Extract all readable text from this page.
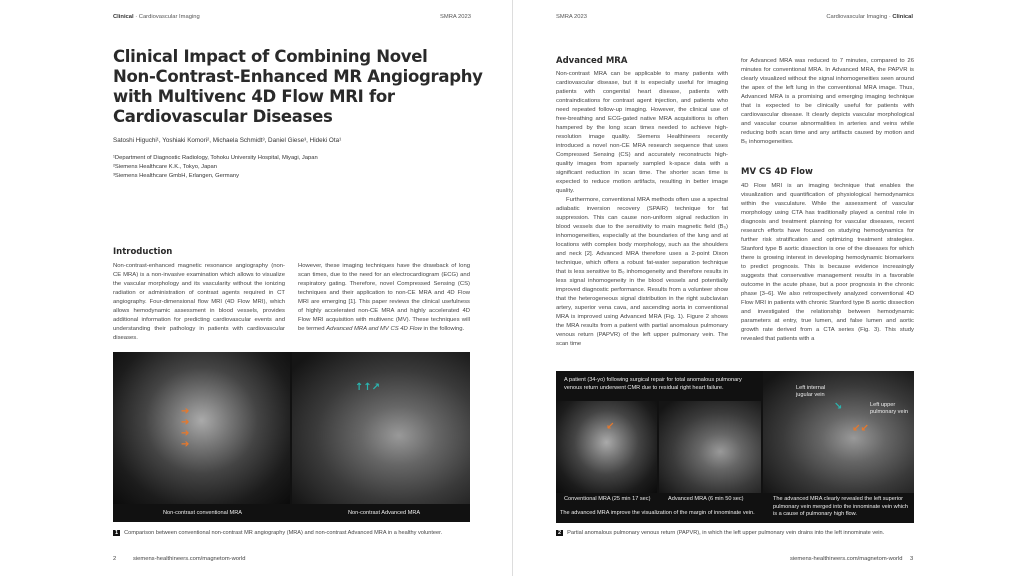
Clinical · Cardiovascular Imaging	SMRA 2023
Clinical Impact of Combining Novel
Non-Contrast-Enhanced MR Angiography
with Multivenc 4D Flow MRI for
Cardiovascular Diseases
Satoshi Higuchi¹, Yoshiaki Komori², Michaela Schmidt³, Daniel Giese³, Hideki Ota¹
¹Department of Diagnostic Radiology, Tohoku University Hospital, Miyagi, Japan
²Siemens Healthcare K.K., Tokyo, Japan
³Siemens Healthcare GmbH, Erlangen, Germany
Introduction

Non-contrast-enhanced magnetic resonance angiography (non-CE MRA) is a non-invasive examination which allows to visualize the vascular morphology and its vascularity without the ionizing radiation or administration of contrast agents required in CT angiography. Four-dimensional flow MRI (4D Flow MRI), which allows hemodynamic assessment in blood vessels, provides additional information for predicting cardiovascular events and understanding their pathology in patients with cardiovascular diseases.

However, these imaging techniques have the drawback of long scan times, due to the need for an electrocardiogram (ECG) and respiratory gating. Therefore, novel Compressed Sensing (CS) techniques and their application to non-CE MRA and 4D Flow MRI are emerging [1]. This paper reviews the clinical usefulness of highly accelerated non-CE MRA and highly accelerated 4D Flow MRI acquisition with multivenc (MV). These techniques will be termed Advanced MRA and MV CS 4D Flow in the following.

➔
➔
➔
➔
↑↑↗
Non-contrast conventional MRA	Non-contrast Advanced MRA
1 Comparison between conventional non-contrast MR angiography (MRA) and non-contrast Advanced MRA in a healthy volunteer.
2	siemens-healthineers.com/magnetom-world
SMRA 2023	Cardiovascular Imaging · Clinical
Advanced MRA

Non-contrast MRA can be applicable to many patients with cardiovascular disease, but it is especially useful for imaging patients with congenital heart disease, patients with contraindications for contrast agent injection, and patients who need repeated follow-up imaging. However, the clinical use of free-breathing and ECG-gated native MRA acquisitions is often hampered by the long scan times needed to achieve high-resolution image quality. Siemens Healthineers recently introduced a novel non-CE MRA research sequence that uses Compressed Sensing (CS) and accurately reconstructs high-quality images from sparsely sampled k-space data with a significant reduction in scan time. The shorter scan time is expected to reduce motion artifacts, resulting in better image quality.

Furthermore, conventional MRA methods often use a spectral adiabatic inversion recovery (SPAIR) technique for fat suppression. This can cause non-uniform signal reduction in blood vessels due to the sensitivity to main magnetic field (B₀) inhomogeneities, especially at the boundaries of the lung and at locations with complex body morphology, such as the shoulders and neck [2]. Advanced MRA therefore uses a 2-point Dixon technique, which offers a robust fat-water separation technique that is less sensitive to B₀ inhomogeneity and therefore results in less signal inhomogeneity in the blood vessels and potentially improved diagnostic performance. Results from a volunteer show that the heterogeneous signal distribution in the right subclavian artery, superior vena cava, and ascending aorta in conventional MRA is improved using Advanced MRA (Fig. 1). Figure 2 shows the MRA results from a patient with partial anomalous pulmonary venous return (PAPVR) of the left upper pulmonary vein. The scan time

for Advanced MRA was reduced to 7 minutes, compared to 26 minutes for conventional MRA. In Advanced MRA, the PAPVR is clearly visualized without the signal inhomogeneities seen around the apex of the left lung in the conventional MRA image. Thus, Advanced MRA is a promising and emerging imaging technique that is expected to be clinically useful for patients with cardiovascular disease. It clearly depicts vascular morphological and vascular course abnormalities in arteries and veins while reducing both scan time and any artifacts caused by motion and B₀ inhomogeneities.

MV CS 4D Flow

4D Flow MRI is an imaging technique that enables the visualization and quantification of physiological hemodynamics within the vasculature. While the assessment of vascular morphology using CTA has traditionally played a central role in diagnosis and treatment planning for vascular diseases, recent research efforts have focused on studying hemodynamics for further risk stratification and optimizing treatment strategies. Stanford type B aortic dissection is one of the diseases for which there is growing interest in developing hemodynamic biomarkers to predict prognosis. This is because evidence increasingly suggests that conservative management results in a favorable outcome in the acute phase, but a poor prognosis in the chronic phase [3–6]. We also retrospectively analyzed conventional 4D Flow MRI in patients with chronic Stanford type B aortic dissection and investigated the relationship between hemodynamic parameters at entry, true lumen, and false lumen and aortic growth rate derived from a CTA series (Fig. 3). This study revealed that patients with a

A patient (34-yo) following surgical repair for total anomalous pulmonary venous return underwent CMR due to residual right heart failure.	Left internal jugular vein
Left upper pulmonary vein
↘
↙↙
↙
Conventional MRA (25 min 17 sec)	Advanced MRA (6 min 50 sec)
The advanced MRA improve the visualization of the margin of innominate vein.
The advanced MRA clearly revealed the left superior pulmonary vein merged into the innominate vein which is a cause of pulmonary high flow.
2 Partial anomalous pulmonary venous return (PAPVR), in which the left upper pulmonary vein drains into the left innominate vein.
siemens-healthineers.com/magnetom-world 3
